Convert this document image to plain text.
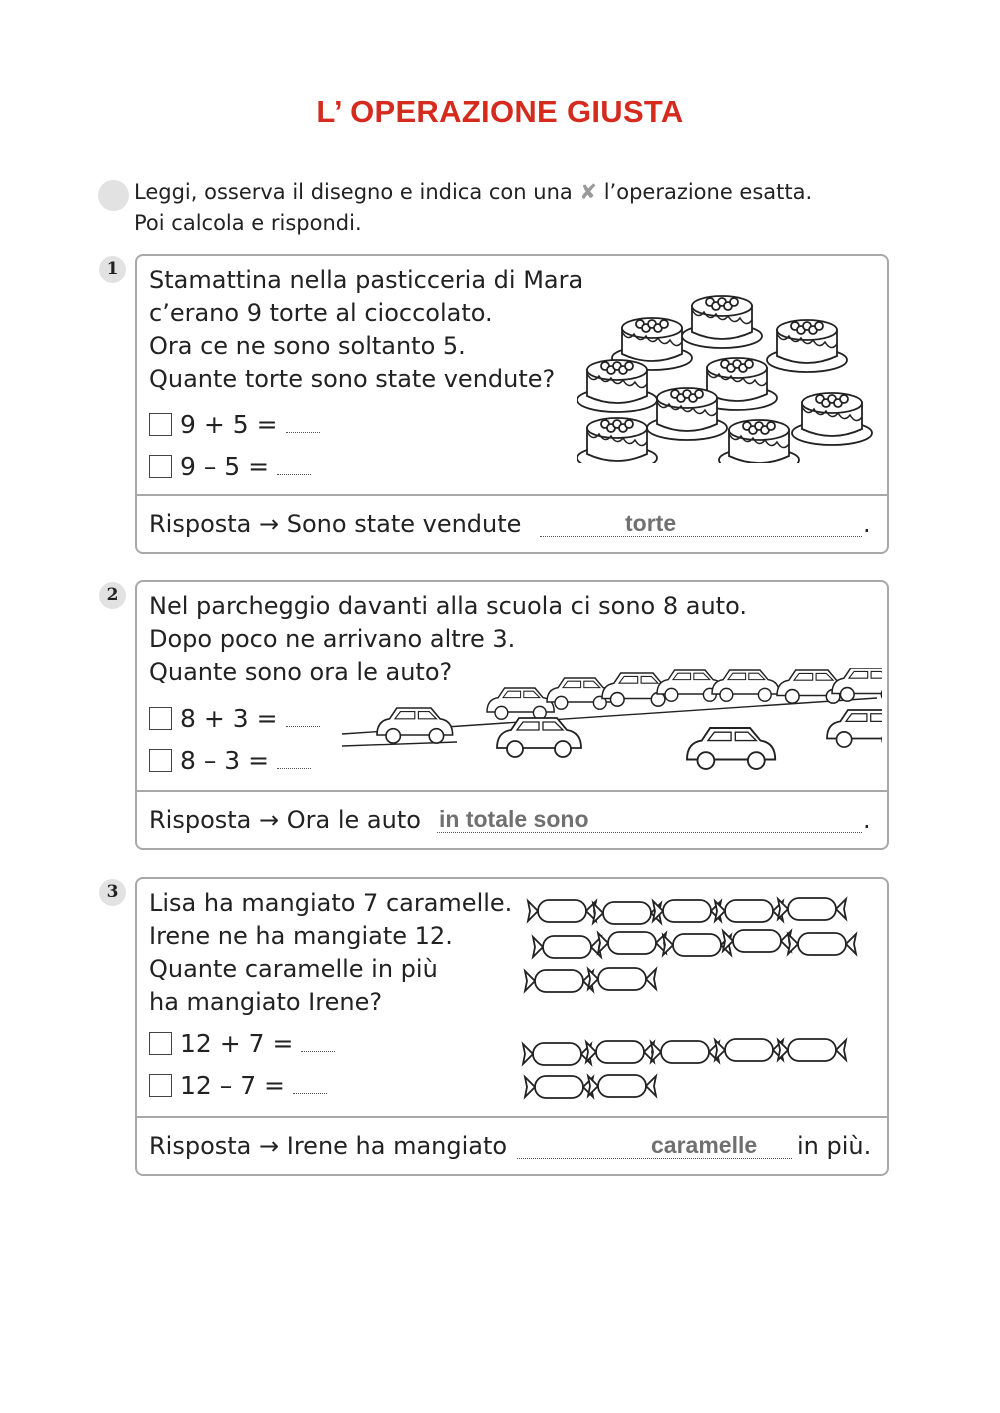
L’ OPERAZIONE GIUSTA
Leggi, osserva il disegno e indica con una ✘ l’operazione esatta.
Poi calcola e rispondi.
1	Stamattina nella pasticceria di Mara
c’erano 9 torte al cioccolato.
Ora ce ne sono soltanto 5.
Quante torte sono state vendute?
9 + 5 =
9 – 5 =
Risposta → Sono state vendute	torte	.
2	Nel parcheggio davanti alla scuola ci sono 8 auto.
Dopo poco ne arrivano altre 3.
Quante sono ora le auto?
8 + 3 =
8 – 3 =
Risposta → Ora le auto in totale sono	.
3	Lisa ha mangiato 7 caramelle.
Irene ne ha mangiate 12.
Quante caramelle in più
ha mangiato Irene?
12 + 7 =
12 – 7 =
Risposta → Irene ha mangiato	caramelle in più.
